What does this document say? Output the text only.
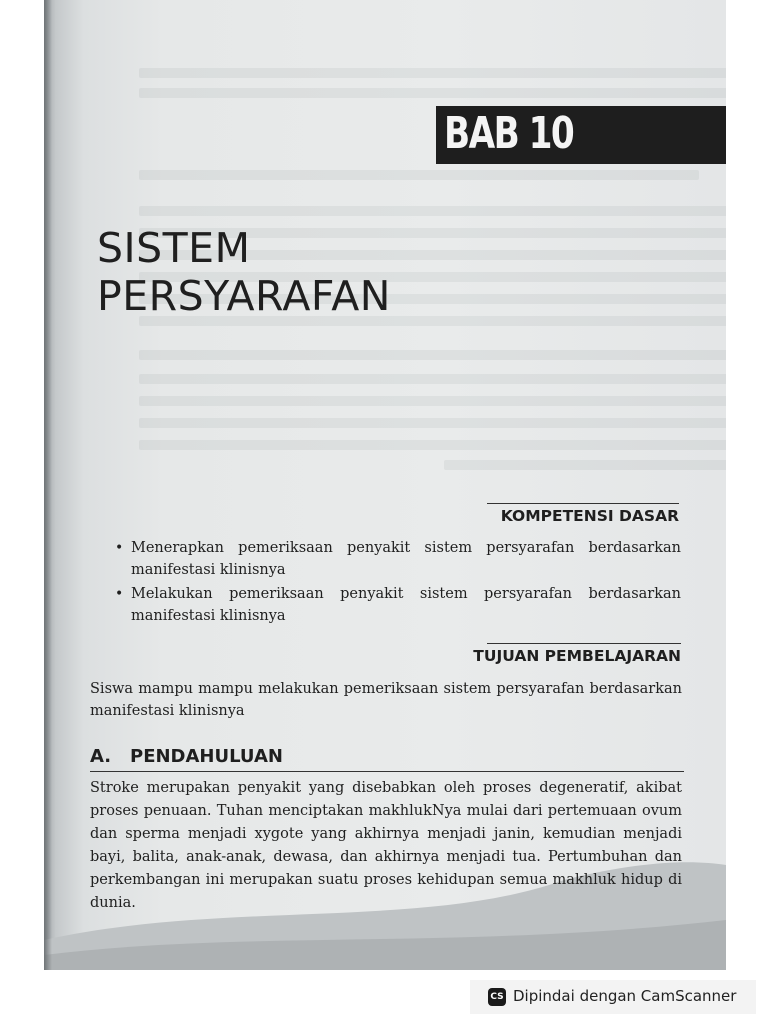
BAB 10
SISTEM
PERSYARAFAN
KOMPETENSI DASAR
• Menerapkan pemeriksaan penyakit sistem persyarafan berdasarkan manifestasi klinisnya
• Melakukan pemeriksaan penyakit sistem persyarafan berdasarkan manifestasi klinisnya
TUJUAN PEMBELAJARAN
Siswa mampu mampu melakukan pemeriksaan sistem persyarafan berdasarkan manifestasi klinisnya
A. PENDAHULUAN
Stroke merupakan penyakit yang disebabkan oleh proses degeneratif, akibat proses penuaan. Tuhan menciptakan makhlukNya mulai dari pertemuaan ovum dan sperma menjadi xygote yang akhirnya menjadi janin, kemudian menjadi bayi, balita, anak-anak, dewasa, dan akhirnya menjadi tua. Pertumbuhan dan perkembangan ini merupakan suatu proses kehidupan semua makhluk hidup di dunia.
CS Dipindai dengan CamScanner
